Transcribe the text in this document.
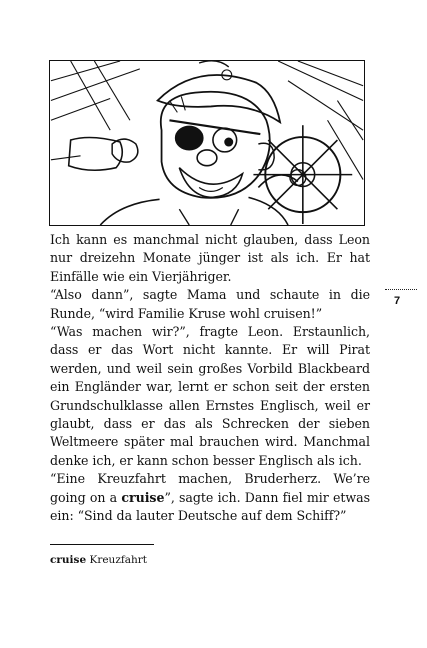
Ich kann es manchmal nicht glauben, dass Leon nur dreizehn Monate jünger ist als ich. Er hat Einfälle wie ein Vierjähriger.

“Also dann”, sagte Mama und schaute in die Runde, “wird Familie Kruse wohl cruisen!”

“Was machen wir?”, fragte Leon. Erstaunlich, dass er das Wort nicht kannte. Er will Pirat werden, und weil sein großes Vorbild Blackbeard ein Engländer war, lernt er schon seit der ersten Grundschulklasse allen Ernstes Englisch, weil er glaubt, dass er das als Schrecken der sieben Weltmeere später mal brauchen wird. Manchmal denke ich, er kann schon besser Englisch als ich.

“Eine Kreuzfahrt machen, Bruderherz. We’re going on a cruise”, sagte ich. Dann fiel mir etwas ein: “Sind da lauter Deutsche auf dem Schiff?”

7
cruise Kreuzfahrt
